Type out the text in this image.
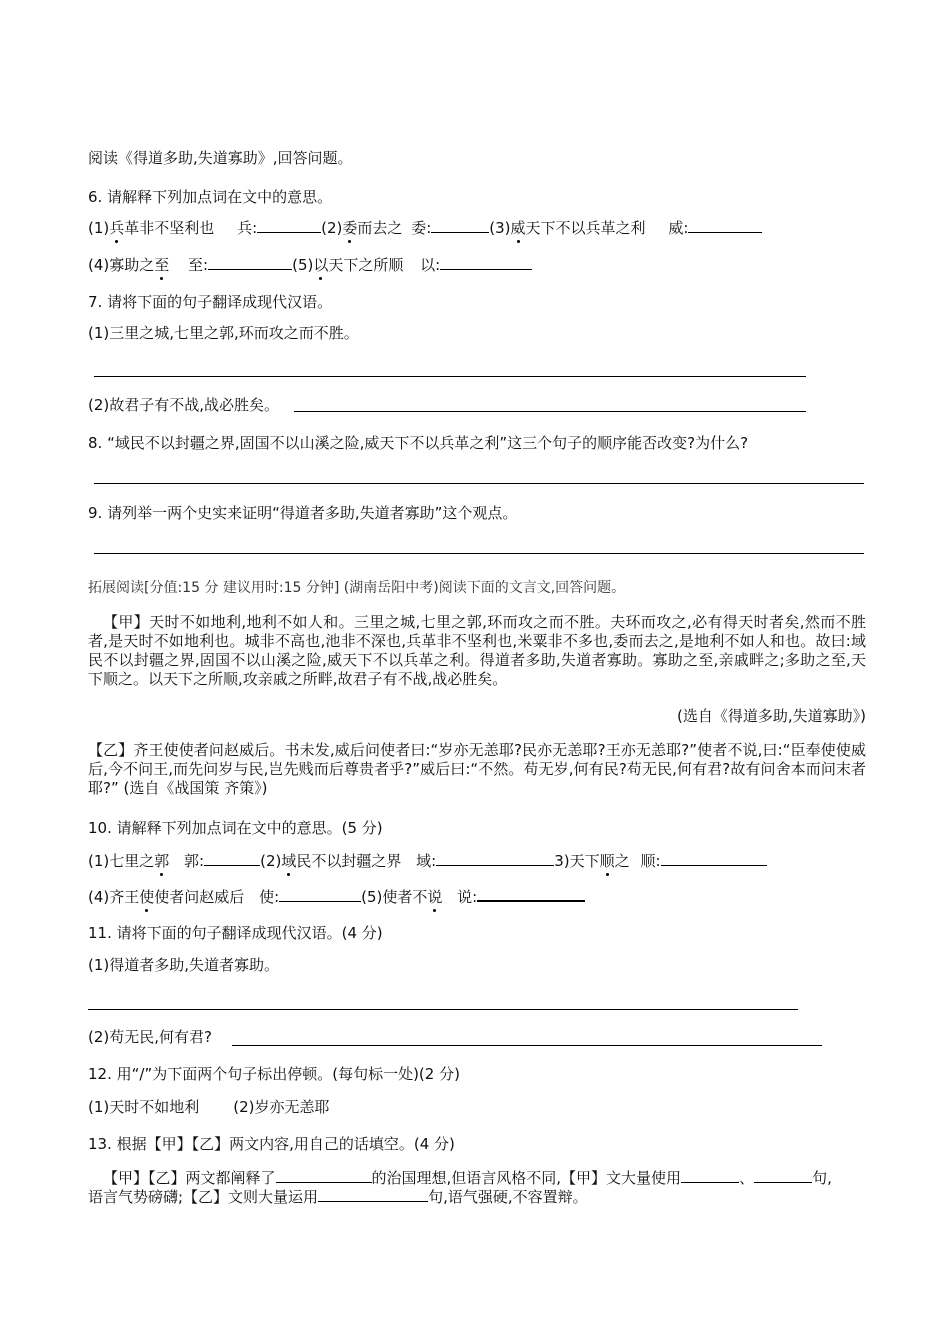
阅读《得道多助,失道寡助》,回答问题。
6. 请解释下列加点词在文中的意思。
(1)兵革非不坚利也 兵:	(2)委而去之 委:	(3)威天下不以兵革之利 威:
(4)寡助之至 至:	(5)以天下之所顺 以:
7. 请将下面的句子翻译成现代汉语。
(1)三里之城,七里之郭,环而攻之而不胜。
(2)故君子有不战,战必胜矣。
8. “域民不以封疆之界,固国不以山溪之险,威天下不以兵革之利”这三个句子的顺序能否改变?为什么?
9. 请列举一两个史实来证明“得道者多助,失道者寡助”这个观点。
拓展阅读[分值:15 分 建议用时:15 分钟] (湖南岳阳中考)阅读下面的文言文,回答问题。
【甲】天时不如地利,地利不如人和。三里之城,七里之郭,环而攻之而不胜。夫环而攻之,必有得天时者矣,然而不胜者,是天时不如地利也。城非不高也,池非不深也,兵革非不坚利也,米粟非不多也,委而去之,是地利不如人和也。故曰:域民不以封疆之界,固国不以山溪之险,威天下不以兵革之利。得道者多助,失道者寡助。寡助之至,亲戚畔之;多助之至,天下顺之。以天下之所顺,攻亲戚之所畔,故君子有不战,战必胜矣。
(选自《得道多助,失道寡助》)
【乙】齐王使使者问赵威后。书未发,威后问使者曰:“岁亦无恙耶?民亦无恙耶?王亦无恙耶?”使者不说,曰:“臣奉使使威后,今不问王,而先问岁与民,岂先贱而后尊贵者乎?”威后曰:“不然。苟无岁,何有民?苟无民,何有君?故有问舍本而问末者耶?” (选自《战国策 齐策》)
10. 请解释下列加点词在文中的意思。(5 分)
(1)七里之郭 郭:	(2)域民不以封疆之界 域:	3)天下顺之 顺:
(4)齐王使使者问赵威后 使:	(5)使者不说 说:
11. 请将下面的句子翻译成现代汉语。(4 分)
(1)得道者多助,失道者寡助。
(2)苟无民,何有君?
12. 用“/”为下面两个句子标出停顿。(每句标一处)(2 分)
(1)天时不如地利 (2)岁亦无恙耶
13. 根据【甲】【乙】两文内容,用自己的话填空。(4 分)
【甲】【乙】两文都阐释了	的治国理想,但语言风格不同,【甲】文大量使用	、	句,
语言气势磅礴;【乙】文则大量运用	句,语气强硬,不容置辩。
